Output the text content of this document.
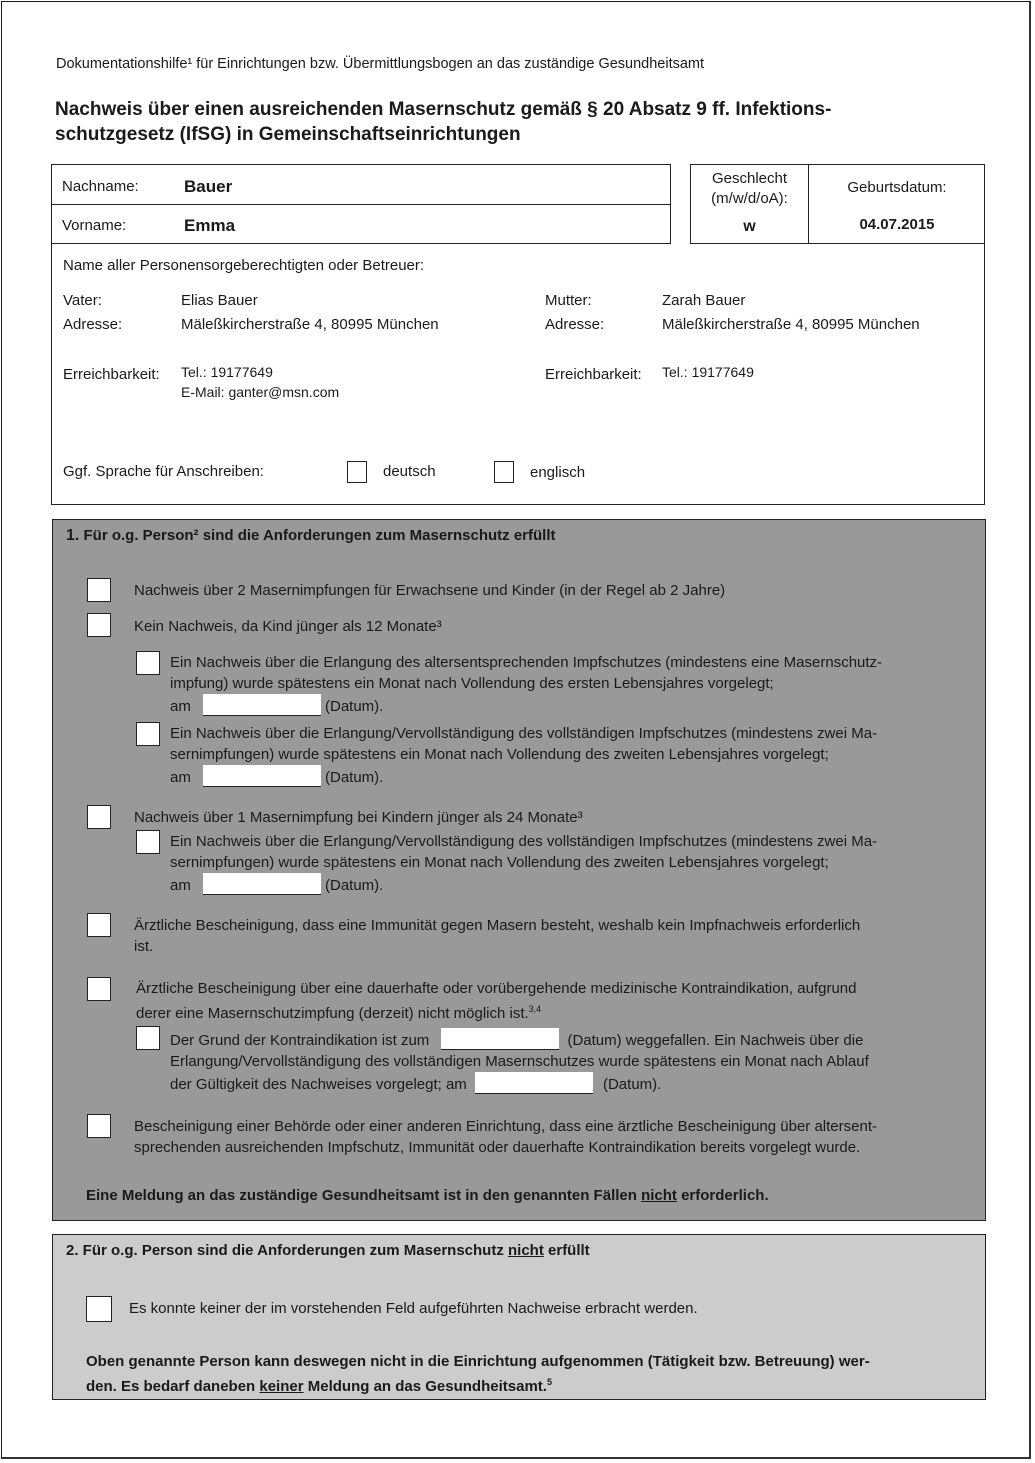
Dokumentationshilfe¹ für Einrichtungen bzw. Übermittlungsbogen an das zuständige Gesundheitsamt
Nachweis über einen ausreichenden Masernschutz gemäß § 20 Absatz 9 ff. Infektions-
schutzgesetz (IfSG) in Gemeinschaftseinrichtungen
Nachname:	Bauer
Vorname:	Emma
Geschlecht
(m/w/d/oA):
w
Geburtsdatum:
04.07.2015
Name aller Personensorgeberechtigten oder Betreuer:
Vater:	Elias Bauer
Adresse:	Mäleßkircherstraße 4, 80995 München
Erreichbarkeit: Tel.: 19177649
E-Mail: ganter@msn.com
Mutter:	Zarah Bauer
Adresse:	Mäleßkircherstraße 4, 80995 München
Erreichbarkeit: Tel.: 19177649
Ggf. Sprache für Anschreiben:	deutsch	englisch
1. Für o.g. Person² sind die Anforderungen zum Masernschutz erfüllt
Nachweis über 2 Masernimpfungen für Erwachsene und Kinder (in der Regel ab 2 Jahre)
Kein Nachweis, da Kind jünger als 12 Monate³
Ein Nachweis über die Erlangung des altersentsprechenden Impfschutzes (mindestens eine Masernschutz-
impfung) wurde spätestens ein Monat nach Vollendung des ersten Lebensjahres vorgelegt;
am	(Datum).
Ein Nachweis über die Erlangung/Vervollständigung des vollständigen Impfschutzes (mindestens zwei Ma-
sernimpfungen) wurde spätestens ein Monat nach Vollendung des zweiten Lebensjahres vorgelegt;
am	(Datum).
Nachweis über 1 Masernimpfung bei Kindern jünger als 24 Monate³
Ein Nachweis über die Erlangung/Vervollständigung des vollständigen Impfschutzes (mindestens zwei Ma-
sernimpfungen) wurde spätestens ein Monat nach Vollendung des zweiten Lebensjahres vorgelegt;
am	(Datum).
Ärztliche Bescheinigung, dass eine Immunität gegen Masern besteht, weshalb kein Impfnachweis erforderlich
ist.
Ärztliche Bescheinigung über eine dauerhafte oder vorübergehende medizinische Kontraindikation, aufgrund
derer eine Masernschutzimpfung (derzeit) nicht möglich ist.$^{3,4}$
Der Grund der Kontraindikation ist zum	(Datum) weggefallen. Ein Nachweis über die
Erlangung/Vervollständigung des vollständigen Masernschutzes wurde spätestens ein Monat nach Ablauf
der Gültigkeit des Nachweises vorgelegt; am	(Datum).
Bescheinigung einer Behörde oder einer anderen Einrichtung, dass eine ärztliche Bescheinigung über altersent-
sprechenden ausreichenden Impfschutz, Immunität oder dauerhafte Kontraindikation bereits vorgelegt wurde.
Eine Meldung an das zuständige Gesundheitsamt ist in den genannten Fällen nicht erforderlich.
2. Für o.g. Person sind die Anforderungen zum Masernschutz nicht erfüllt
Es konnte keiner der im vorstehenden Feld aufgeführten Nachweise erbracht werden.
Oben genannte Person kann deswegen nicht in die Einrichtung aufgenommen (Tätigkeit bzw. Betreuung) wer-
den. Es bedarf daneben keiner Meldung an das Gesundheitsamt.$^5$
